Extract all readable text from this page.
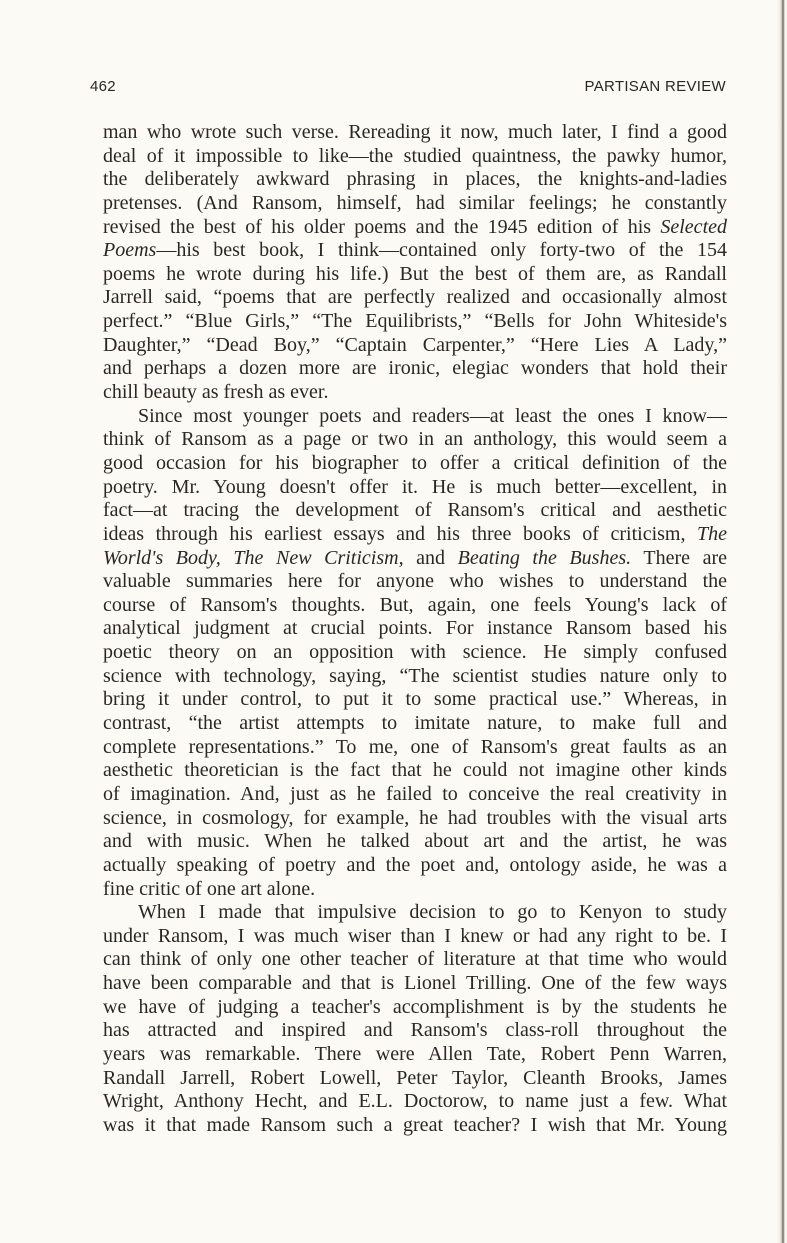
462	PARTISAN REVIEW
man who wrote such verse. Rereading it now, much later, I find a good
deal of it impossible to like—the studied quaintness, the pawky humor,
the deliberately awkward phrasing in places, the knights-and-ladies
pretenses. (And Ransom, himself, had similar feelings; he constantly
revised the best of his older poems and the 1945 edition of his Selected
Poems—his best book, I think—contained only forty-two of the 154
poems he wrote during his life.) But the best of them are, as Randall
Jarrell said, “poems that are perfectly realized and occasionally almost
perfect.” “Blue Girls,” “The Equilibrists,” “Bells for John Whiteside's
Daughter,” “Dead Boy,” “Captain Carpenter,” “Here Lies A Lady,”
and perhaps a dozen more are ironic, elegiac wonders that hold their
chill beauty as fresh as ever.
Since most younger poets and readers—at least the ones I know—
think of Ransom as a page or two in an anthology, this would seem a
good occasion for his biographer to offer a critical definition of the
poetry. Mr. Young doesn't offer it. He is much better—excellent, in
fact—at tracing the development of Ransom's critical and aesthetic
ideas through his earliest essays and his three books of criticism, The
World's Body, The New Criticism, and Beating the Bushes. There are
valuable summaries here for anyone who wishes to understand the
course of Ransom's thoughts. But, again, one feels Young's lack of
analytical judgment at crucial points. For instance Ransom based his
poetic theory on an opposition with science. He simply confused
science with technology, saying, “The scientist studies nature only to
bring it under control, to put it to some practical use.” Whereas, in
contrast, “the artist attempts to imitate nature, to make full and
complete representations.” To me, one of Ransom's great faults as an
aesthetic theoretician is the fact that he could not imagine other kinds
of imagination. And, just as he failed to conceive the real creativity in
science, in cosmology, for example, he had troubles with the visual arts
and with music. When he talked about art and the artist, he was
actually speaking of poetry and the poet and, ontology aside, he was a
fine critic of one art alone.
When I made that impulsive decision to go to Kenyon to study
under Ransom, I was much wiser than I knew or had any right to be. I
can think of only one other teacher of literature at that time who would
have been comparable and that is Lionel Trilling. One of the few ways
we have of judging a teacher's accomplishment is by the students he
has attracted and inspired and Ransom's class-roll throughout the
years was remarkable. There were Allen Tate, Robert Penn Warren,
Randall Jarrell, Robert Lowell, Peter Taylor, Cleanth Brooks, James
Wright, Anthony Hecht, and E.L. Doctorow, to name just a few. What
was it that made Ransom such a great teacher? I wish that Mr. Young
